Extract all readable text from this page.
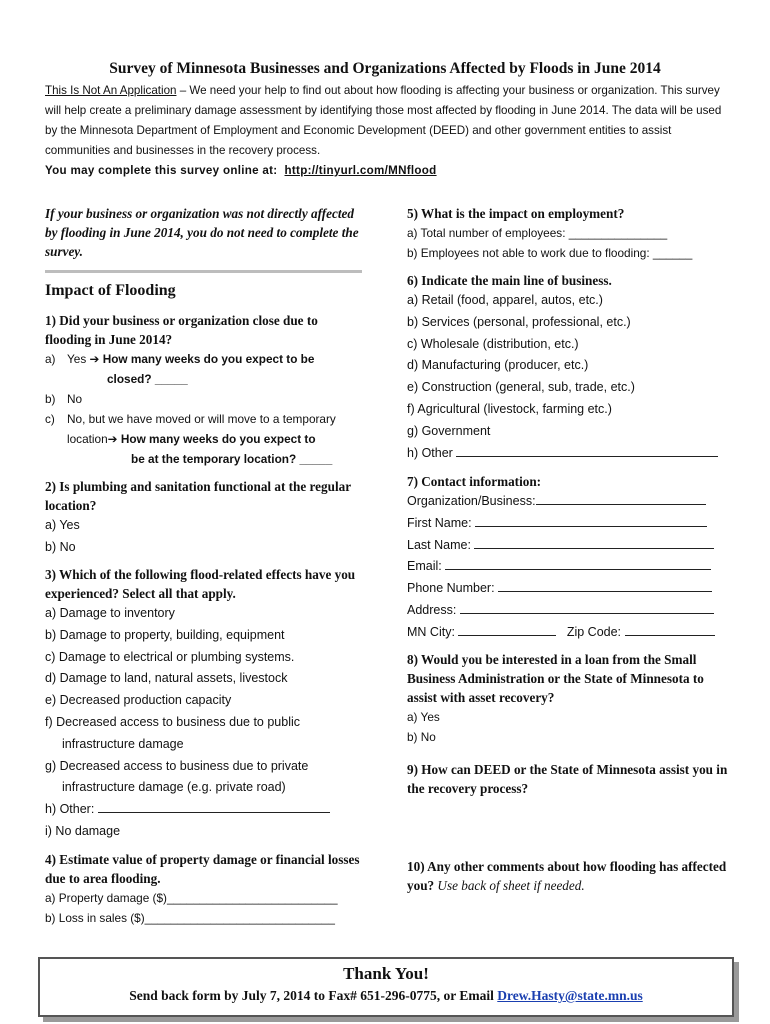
Survey of Minnesota Businesses and Organizations Affected by Floods in June 2014
This Is Not An Application – We need your help to find out about how flooding is affecting your business or organization. This survey will help create a preliminary damage assessment by identifying those most affected by flooding in June 2014. The data will be used by the Minnesota Department of Employment and Economic Development (DEED) and other government entities to assist communities and businesses in the recovery process.
You may complete this survey online at: http://tinyurl.com/MNflood
If your business or organization was not directly affected by flooding in June 2014, you do not need to complete the survey.
Impact of Flooding
1) Did your business or organization close due to flooding in June 2014?
a) Yes ➔ How many weeks do you expect to be
closed? _____
b) No
c) No, but we have moved or will move to a temporary
location➔ How many weeks do you expect to
be at the temporary location? _____
2) Is plumbing and sanitation functional at the regular location?
a) Yes
b) No
3) Which of the following flood-related effects have you experienced? Select all that apply.
a) Damage to inventory
b) Damage to property, building, equipment
c) Damage to electrical or plumbing systems.
d) Damage to land, natural assets, livestock
e) Decreased production capacity
f) Decreased access to business due to public
infrastructure damage
g) Decreased access to business due to private
infrastructure damage (e.g. private road)
h) Other:
i) No damage
4) Estimate value of property damage or financial losses due to area flooding.
a) Property damage ($)__________________________
b) Loss in sales ($)_____________________________
5) What is the impact on employment?
a) Total number of employees: _______________
b) Employees not able to work due to flooding: ______
6) Indicate the main line of business.
a) Retail (food, apparel, autos, etc.)
b) Services (personal, professional, etc.)
c) Wholesale (distribution, etc.)
d) Manufacturing (producer, etc.)
e) Construction (general, sub, trade, etc.)
f) Agricultural (livestock, farming etc.)
g) Government
h) Other
7) Contact information:
Organization/Business:
First Name:
Last Name:
Email:
Phone Number:
Address:
MN City:	Zip Code:
8) Would you be interested in a loan from the Small Business Administration or the State of Minnesota to assist with asset recovery?
a) Yes
b) No
9) How can DEED or the State of Minnesota assist you in the recovery process?
10) Any other comments about how flooding has affected you? Use back of sheet if needed.
Thank You!
Send back form by July 7, 2014 to Fax# 651-296-0775, or Email Drew.Hasty@state.mn.us
